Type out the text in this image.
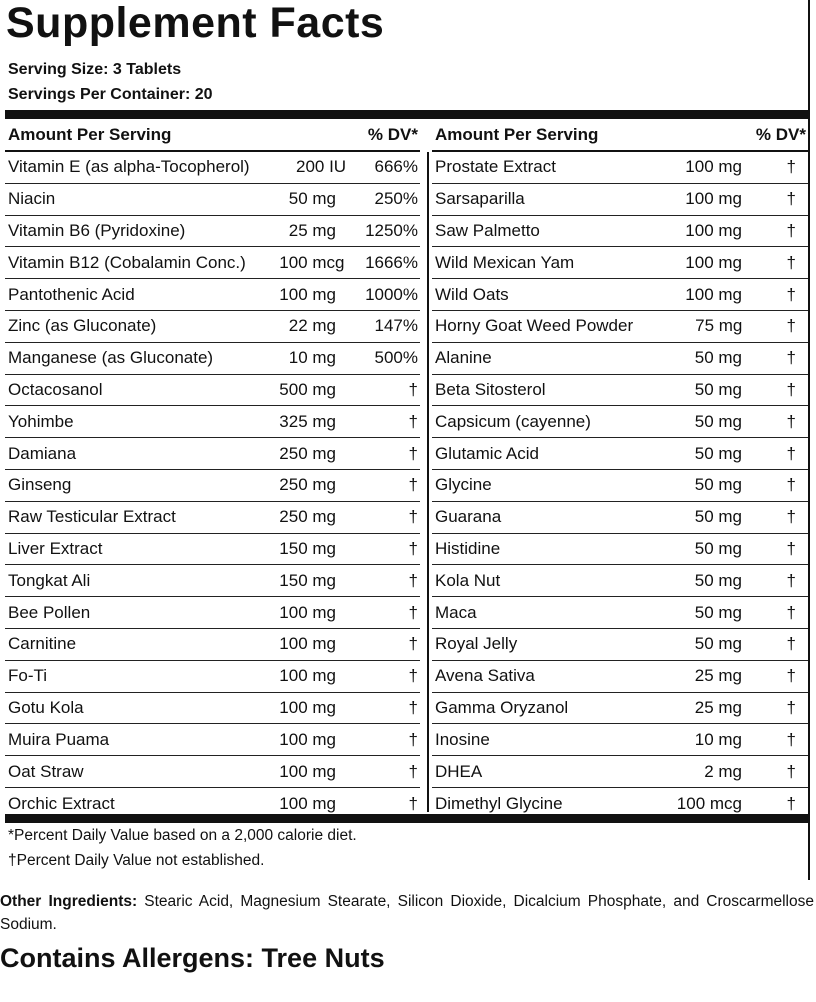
Supplement Facts
Serving Size: 3 Tablets
Servings Per Container: 20
Amount Per Serving	% DV*
Vitamin E (as alpha-Tocopherol)	200 IU	666%
Niacin	50 mg	250%
Vitamin B6 (Pyridoxine)	25 mg	1250%
Vitamin B12 (Cobalamin Conc.)	100 mcg	1666%
Pantothenic Acid	100 mg	1000%
Zinc (as Gluconate)	22 mg	147%
Manganese (as Gluconate)	10 mg	500%
Octacosanol	500 mg	†
Yohimbe	325 mg	†
Damiana	250 mg	†
Ginseng	250 mg	†
Raw Testicular Extract	250 mg	†
Liver Extract	150 mg	†
Tongkat Ali	150 mg	†
Bee Pollen	100 mg	†
Carnitine	100 mg	†
Fo-Ti	100 mg	†
Gotu Kola	100 mg	†
Muira Puama	100 mg	†
Oat Straw	100 mg	†
Orchic Extract	100 mg	†
Amount Per Serving	% DV*
Prostate Extract	100 mg	†
Sarsaparilla	100 mg	†
Saw Palmetto	100 mg	†
Wild Mexican Yam	100 mg	†
Wild Oats	100 mg	†
Horny Goat Weed Powder	75 mg	†
Alanine	50 mg	†
Beta Sitosterol	50 mg	†
Capsicum (cayenne)	50 mg	†
Glutamic Acid	50 mg	†
Glycine	50 mg	†
Guarana	50 mg	†
Histidine	50 mg	†
Kola Nut	50 mg	†
Maca	50 mg	†
Royal Jelly	50 mg	†
Avena Sativa	25 mg	†
Gamma Oryzanol	25 mg	†
Inosine	10 mg	†
DHEA	2 mg	†
Dimethyl Glycine	100 mcg	†
*Percent Daily Value based on a 2,000 calorie diet.
†Percent Daily Value not established.
Other Ingredients: Stearic Acid, Magnesium Stearate, Silicon Dioxide, Dicalcium Phosphate, and Croscarmellose Sodium.
Contains Allergens: Tree Nuts
